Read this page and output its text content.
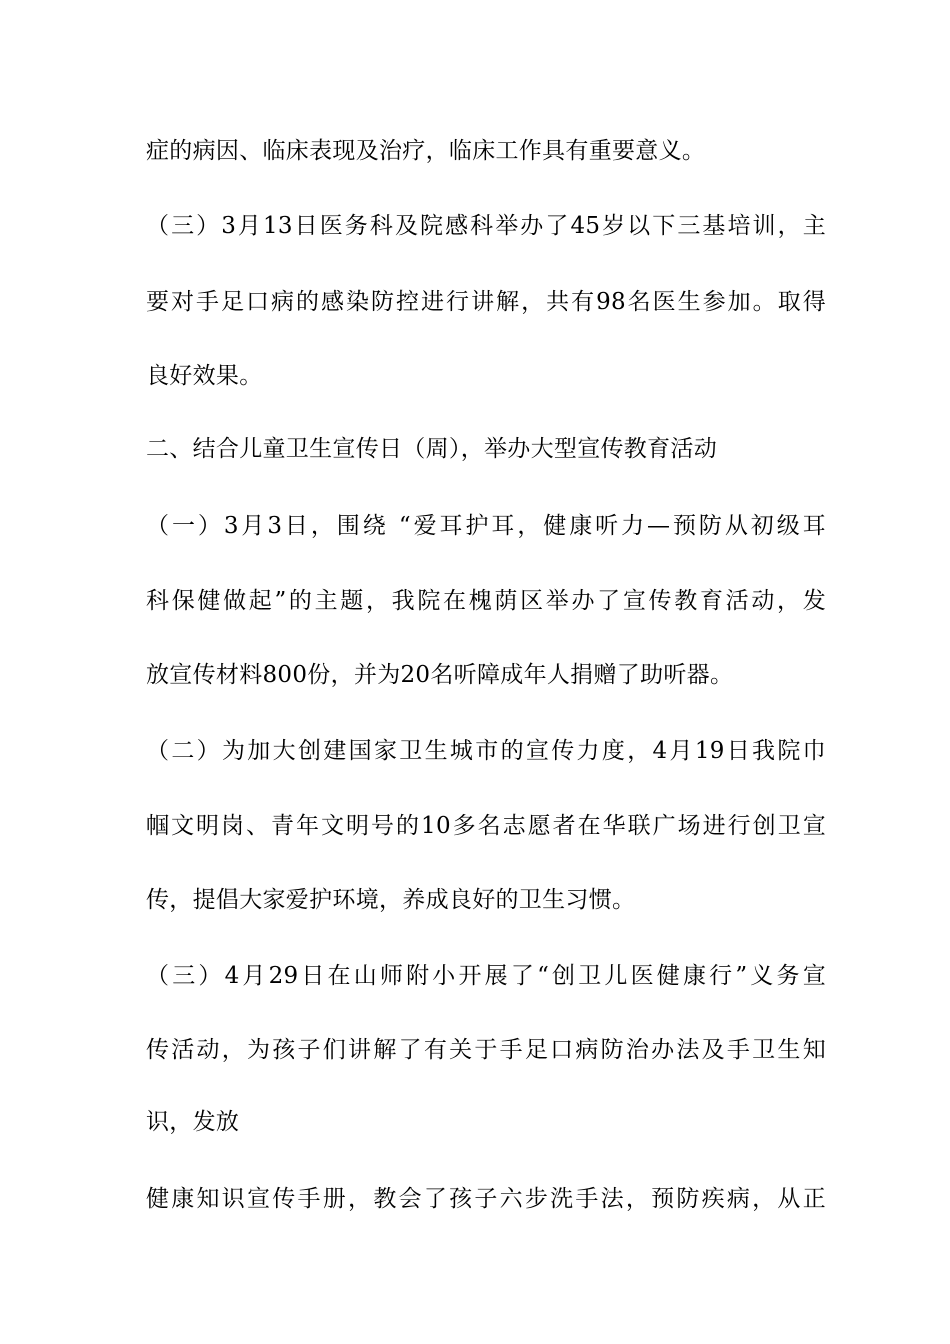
症的病因、临床表现及治疗，临床工作具有重要意义。
（三）3月13日医务科及院感科举办了45岁以下三基培训，主
要对手足口病的感染防控进行讲解，共有98名医生参加。取得
良好效果。
二、结合儿童卫生宣传日（周），举办大型宣传教育活动
（一）3月3日，围绕 “爱耳护耳，健康听力—预防从初级耳
科保健做起”的主题，我院在槐荫区举办了宣传教育活动，发
放宣传材料800份，并为20名听障成年人捐赠了助听器。
（二）为加大创建国家卫生城市的宣传力度，4月19日我院巾
帼文明岗、青年文明号的10多名志愿者在华联广场进行创卫宣
传，提倡大家爱护环境，养成良好的卫生习惯。
（三）4月29日在山师附小开展了“创卫儿医健康行”义务宣
传活动，为孩子们讲解了有关于手足口病防治办法及手卫生知
识，发放
健康知识宣传手册，教会了孩子六步洗手法，预防疾病，从正
